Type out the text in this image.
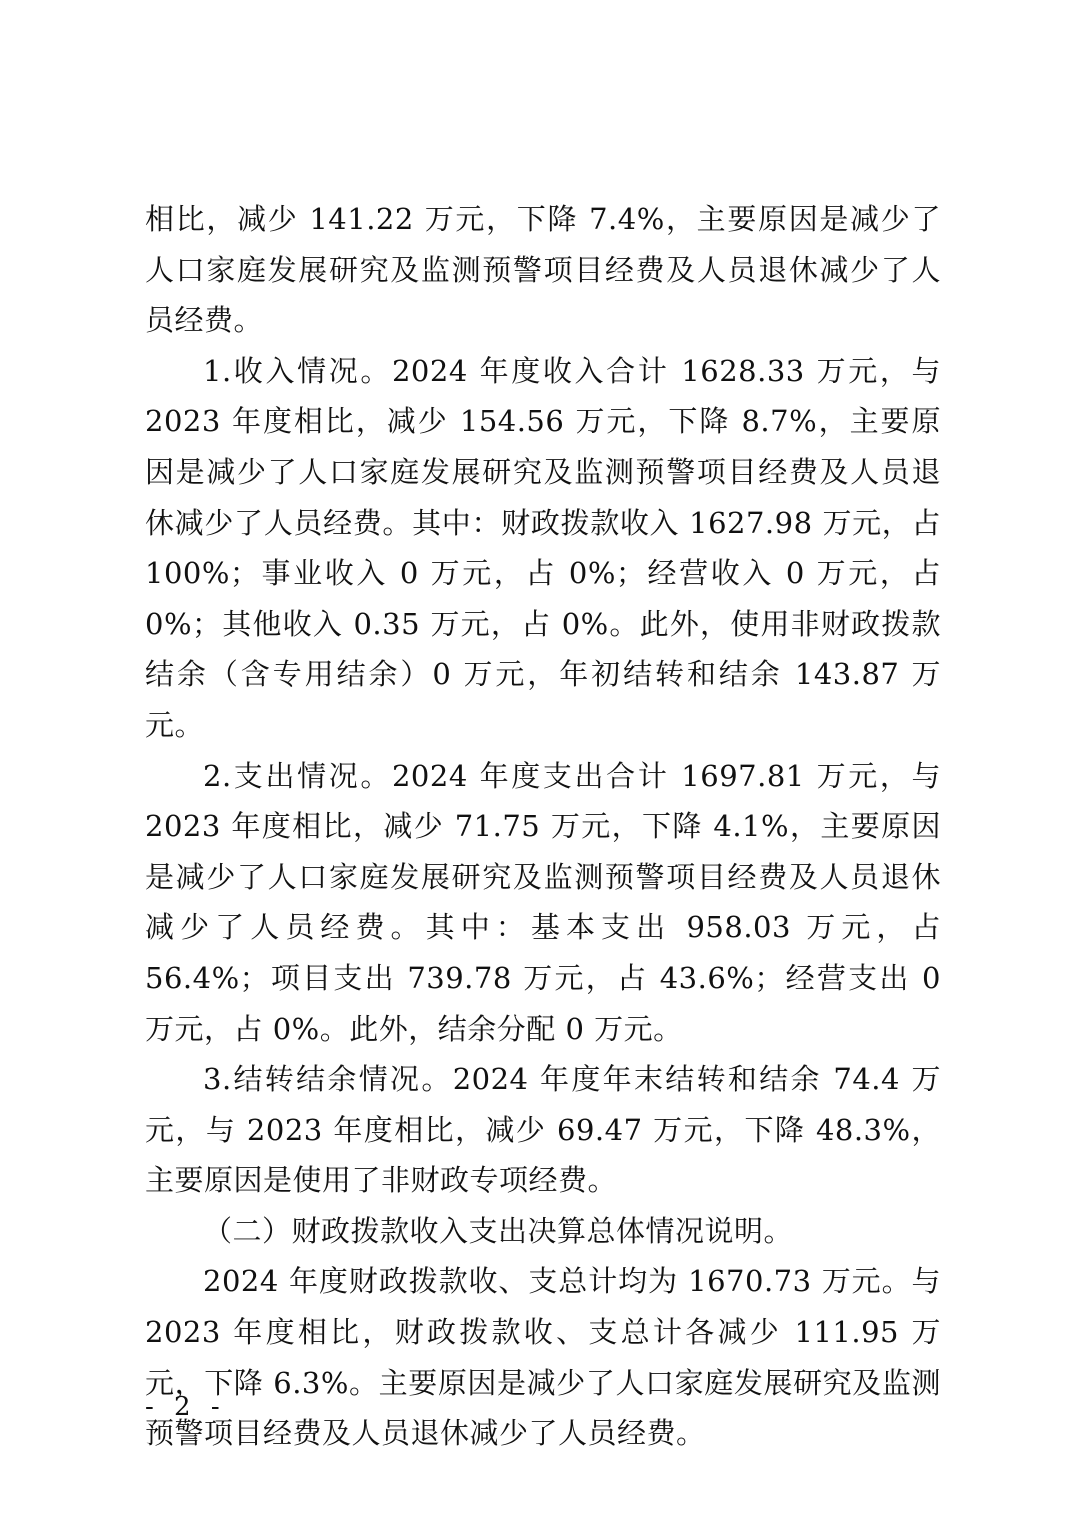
相比，减少 141.22 万元，下降 7.4%，主要原因是减少了人口家庭发展研究及监测预警项目经费及人员退休减少了人员经费。

1.收入情况。2024 年度收入合计 1628.33 万元，与 2023 年度相比，减少 154.56 万元，下降 8.7%，主要原因是减少了人口家庭发展研究及监测预警项目经费及人员退休减少了人员经费。其中：财政拨款收入 1627.98 万元，占 100%；事业收入 0 万元，占 0%；经营收入 0 万元，占 0%；其他收入 0.35 万元，占 0%。此外，使用非财政拨款结余（含专用结余）0 万元，年初结转和结余 143.87 万元。

2.支出情况。2024 年度支出合计 1697.81 万元，与 2023 年度相比，减少 71.75 万元，下降 4.1%，主要原因是减少了人口家庭发展研究及监测预警项目经费及人员退休减少了人员经费。其中：基本支出 958.03 万元，占 56.4%；项目支出 739.78 万元，占 43.6%；经营支出 0 万元，占 0%。此外，结余分配 0 万元。

3.结转结余情况。2024 年度年末结转和结余 74.4 万元，与 2023 年度相比，减少 69.47 万元，下降 48.3%，主要原因是使用了非财政专项经费。

（二）财政拨款收入支出决算总体情况说明。

2024 年度财政拨款收、支总计均为 1670.73 万元。与 2023 年度相比，财政拨款收、支总计各减少 111.95 万元，下降 6.3%。主要原因是减少了人口家庭发展研究及监测预警项目经费及人员退休减少了人员经费。

- 2 -
